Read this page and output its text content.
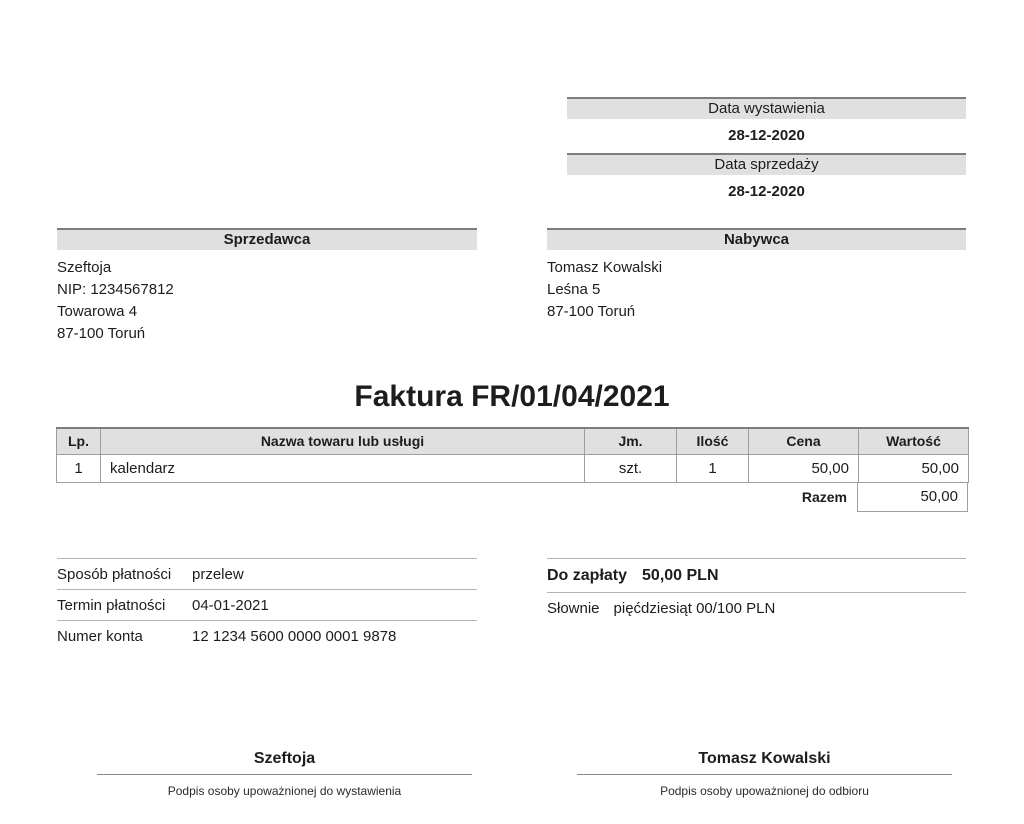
Data wystawienia
28-12-2020
Data sprzedaży
28-12-2020
Sprzedawca
Szeftoja
NIP: 1234567812
Towarowa 4
87-100 Toruń
Nabywca
Tomasz Kowalski
Leśna 5
87-100 Toruń
Faktura FR/01/04/2021
Lp.	Nazwa towaru lub usługi	Jm.	Ilość	Cena	Wartość
1	kalendarz	szt.	1	50,00	50,00
Razem	50,00
Sposób płatności	przelew
Termin płatności	04-01-2021
Numer konta	12 1234 5600 0000 0001 9878
Do zapłaty 50,00 PLN
Słownie pięćdziesiąt 00/100 PLN
Szeftoja
Podpis osoby upoważnionej do wystawienia
Tomasz Kowalski
Podpis osoby upoważnionej do odbioru
